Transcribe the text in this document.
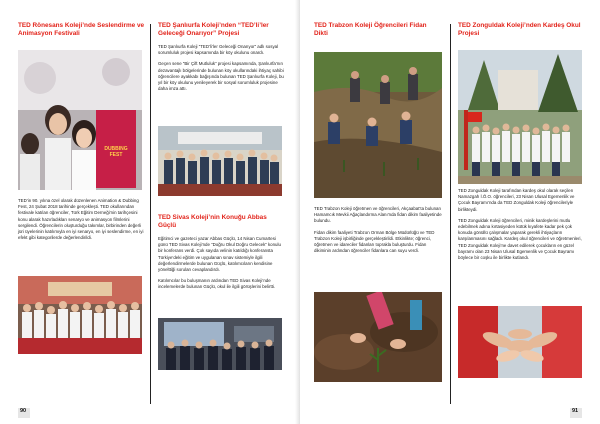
TED Rönesans Koleji’nde Seslendirme ve Animasyon Festivali

DUBBING FEST

TED’in 90. yılına özel olarak düzenlenen Animation & Dubbing Fest, 24 Şubat 2018 tarihinde gerçekleşti. TED okullarından festivale katılan öğrenciler, Türk Eğitim Derneği’nin tarihçesini konu alarak hazırladıkları senaryo ve animasyon filmlerini sergilendi. Öğrencilerin oluşturduğu takımlar, birbirinden değerli jüri üyelerinin katılımıyla en iyi senaryo, en iyi seslendirme, en iyi efekt gibi kategorilerde değerlendirildi.

TED Şanlıurfa Koleji’nden “TED’li’ler Geleceği Onarıyor” Projesi

TED Şanlıurfa Koleji “TED’li’ler Geleceği Onarıyor” adlı sosyal sorumluluk projesi kapsamında bir köy okulunu onardı.

Geçen sene “Bir Çift Mutluluk” projesi kapsamında, Şanlıurfa’nın dezavantajlı bölgelerinde bulunan köy okullarındaki ihtiyaç sahibi öğrencilere ayakkabı bağışında bulunan TED Şanlıurfa Koleji, bu yıl bir köy okulunu yenileyerek bir sosyal sorumluluk projesine daha imza attı.

TED Sivas Koleji’nin Konuğu Abbas Güçlü

Eğitimci ve gazeteci yazar Abbas Güçlü, 14 Nisan Cumartesi günü TED Sivas Koleji’nde “Doğru Okul Doğru Gelecek” konulu bir konferans verdi. Çok sayıda velinin katıldığı konferansta Türkiye’deki eğitim ve uygulanan sınav sistemiyle ilgili değerlendirmelerde bulunan Güçlü, katılımcıların kendisine yönelttiği soruları cevaplandırdı.

Katılımcılar bu buluşmanın ardından TED Sivas Koleji’nde incelemelerde bulunan Güçlü, okul ile ilgili görüşlerini belirtti.

90

TED Trabzon Koleji Öğrencileri Fidan Dikti

TED Trabzon Koleji öğretmen ve öğrencileri, Akçaabat’ta bulunan Hamamcık Mevkii Ağaçlandırma Alanı’nda fidan dikim faaliyetinde bulundu.

Fidan dikim faaliyeti Trabzon Orman Bölge Müdürlüğü ve TED Trabzon Koleji işbirliğinde gerçekleştirildi. Etkinlikte; öğrenci, öğretmen ve idareciler fidanları toprakla buluşturdu. Fidan dikiminin ardından öğrenciler fidanlara can suyu verdi.

TED Zonguldak Koleji’nden Kardeş Okul Projesi

TED Zonguldak Koleji tarafından kardeş okul olarak seçilen Namazgah İ.Ö.O. öğrencileri, 23 Nisan Ulusal Egemenlik ve Çocuk Bayramı’nda da TED Zonguldak Koleji öğrencileriyle birlikteydi.

TED Zonguldak Koleji öğrencileri, minik kardeşlerini mutlu edebilmek adına kırtasiyeden kütük kıyafete kadar pek çok konuda gönüllü çalışmalar yaparak gerekli ihtiyaçların karşılanmasını sağladı. Kardeş okul öğrencileri ve öğretmenleri, TED Zonguldak Koleji’ne davet edilerek çocukların en güzel bayramı olan 23 Nisan Ulusal Egemenlik ve Çocuk Bayramı böylece bir coşku ile birlikte kutlandı.

91
